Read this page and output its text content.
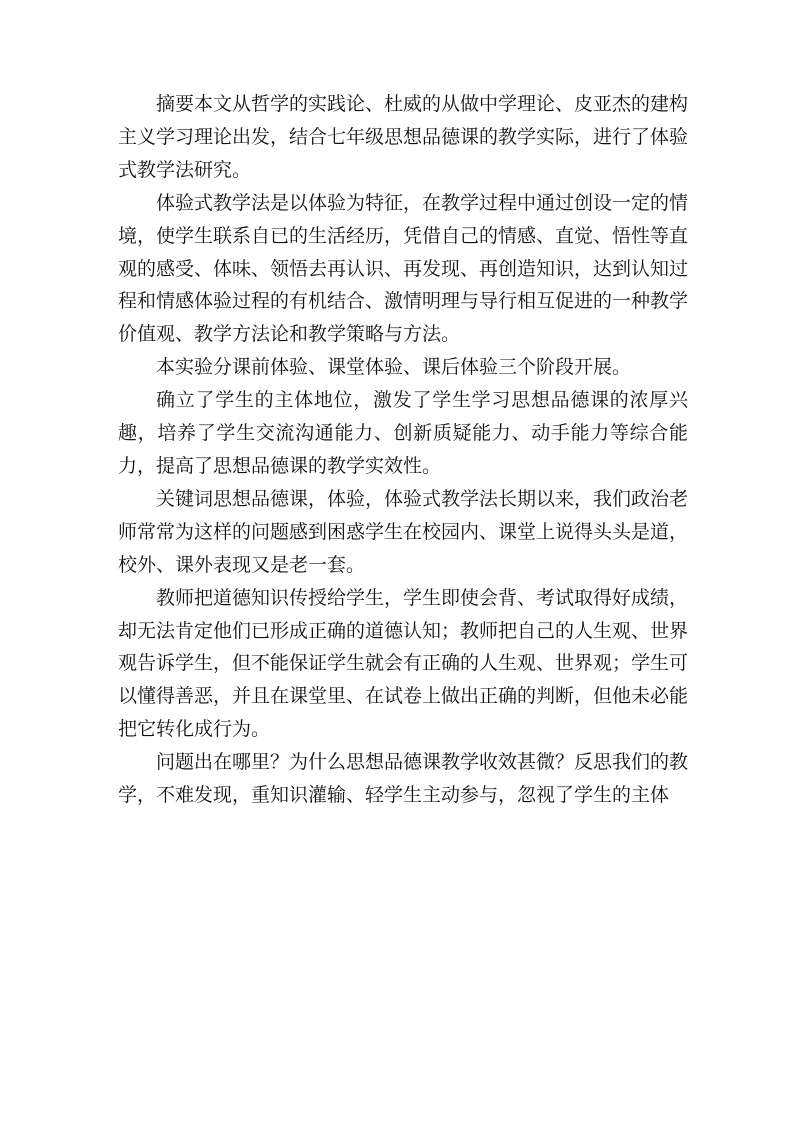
摘要本文从哲学的实践论、杜威的从做中学理论、皮亚杰的建构主义学习理论出发，结合七年级思想品德课的教学实际，进行了体验式教学法研究。

体验式教学法是以体验为特征，在教学过程中通过创设一定的情境，使学生联系自已的生活经历，凭借自己的情感、直觉、悟性等直观的感受、体味、领悟去再认识、再发现、再创造知识，达到认知过程和情感体验过程的有机结合、激情明理与导行相互促进的一种教学价值观、教学方法论和教学策略与方法。

本实验分课前体验、课堂体验、课后体验三个阶段开展。

确立了学生的主体地位，激发了学生学习思想品德课的浓厚兴趣，培养了学生交流沟通能力、创新质疑能力、动手能力等综合能力，提高了思想品德课的教学实效性。

关键词思想品德课，体验，体验式教学法长期以来，我们政治老师常常为这样的问题感到困惑学生在校园内、课堂上说得头头是道，校外、课外表现又是老一套。

教师把道德知识传授给学生，学生即使会背、考试取得好成绩，却无法肯定他们已形成正确的道德认知；教师把自己的人生观、世界观告诉学生，但不能保证学生就会有正确的人生观、世界观；学生可以懂得善恶，并且在课堂里、在试卷上做出正确的判断，但他未必能把它转化成行为。

问题出在哪里？为什么思想品德课教学收效甚微？反思我们的教学，不难发现，重知识灌输、轻学生主动参与，忽视了学生的主体
